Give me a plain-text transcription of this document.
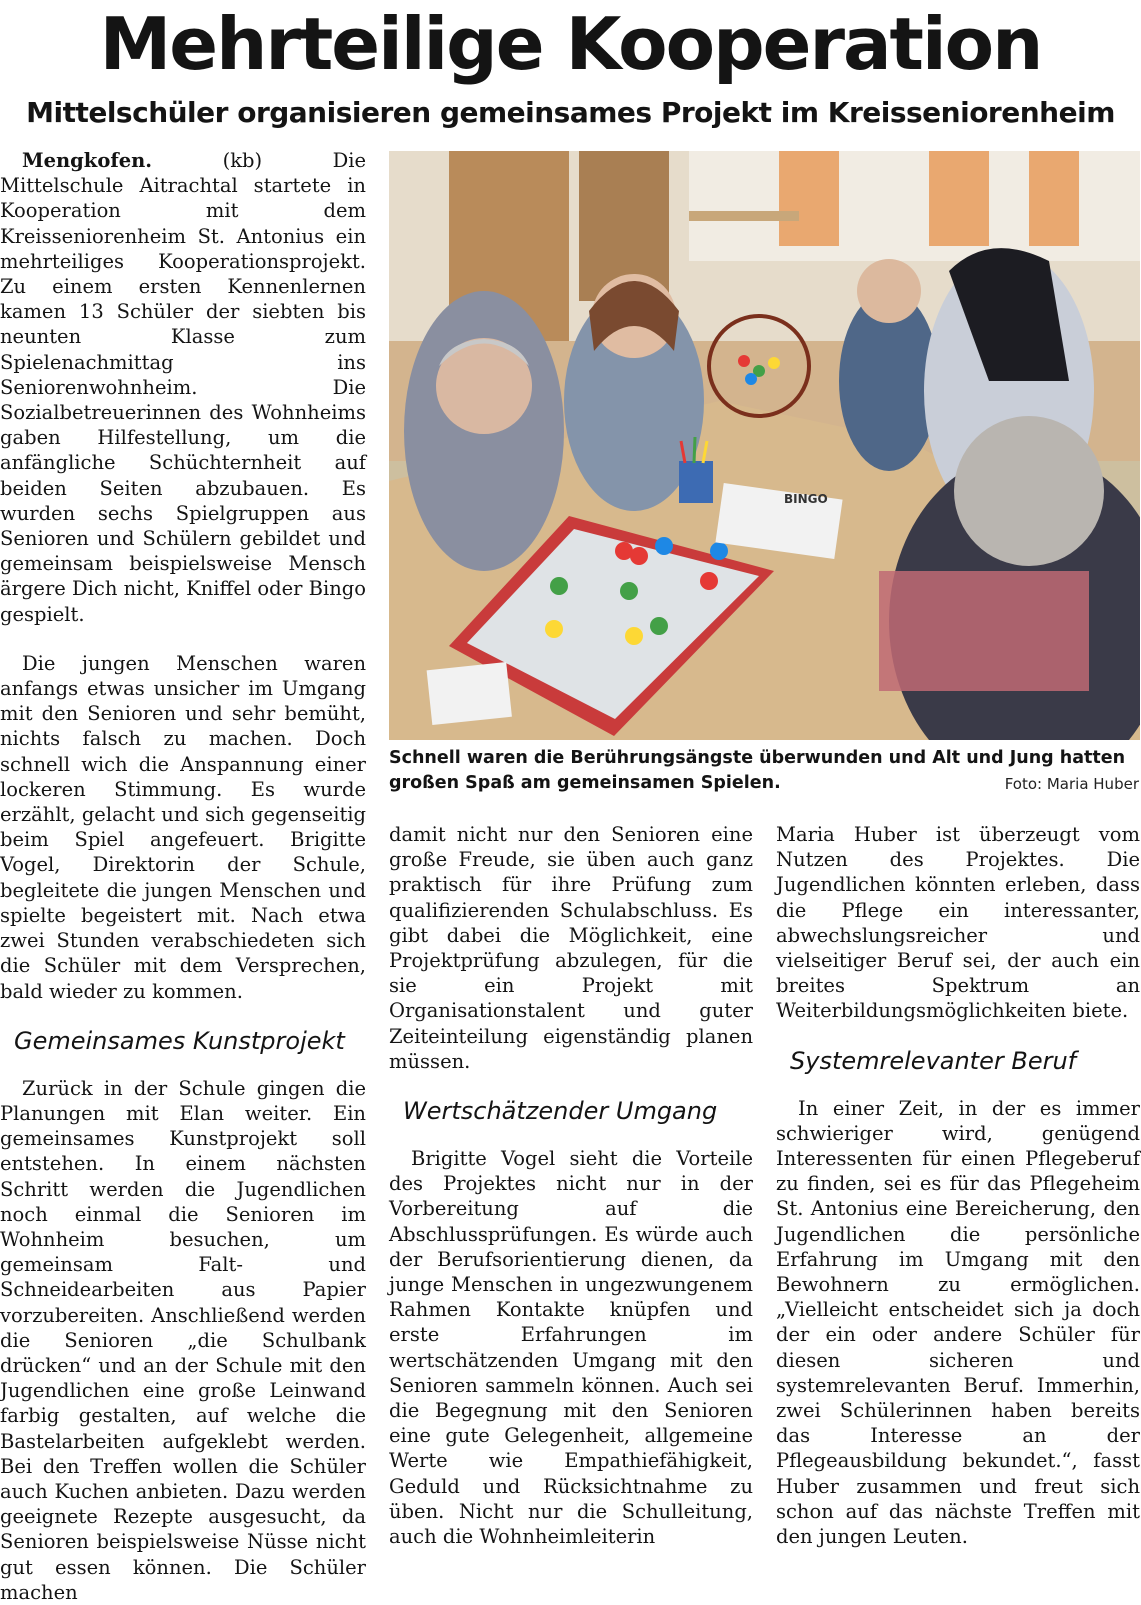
Mehrteilige Kooperation
Mittelschüler organisieren gemeinsames Projekt im Kreisseniorenheim

Mengkofen. (kb) Die Mittelschule Aitrachtal startete in Kooperation mit dem Kreisseniorenheim St. Antonius ein mehrteiliges Kooperationsprojekt. Zu einem ersten Kennenlernen kamen 13 Schüler der siebten bis neunten Klasse zum Spielenachmittag ins Seniorenwohnheim. Die Sozialbetreuerinnen des Wohnheims gaben Hilfestellung, um die anfängliche Schüchternheit auf beiden Seiten abzubauen. Es wurden sechs Spielgruppen aus Senioren und Schülern gebildet und gemeinsam beispielsweise Mensch ärgere Dich nicht, Kniffel oder Bingo gespielt.

Die jungen Menschen waren anfangs etwas unsicher im Umgang mit den Senioren und sehr bemüht, nichts falsch zu machen. Doch schnell wich die Anspannung einer lockeren Stimmung. Es wurde erzählt, gelacht und sich gegenseitig beim Spiel angefeuert. Brigitte Vogel, Direktorin der Schule, begleitete die jungen Menschen und spielte begeistert mit. Nach etwa zwei Stunden verabschiedeten sich die Schüler mit dem Versprechen, bald wieder zu kommen.

Gemeinsames Kunstprojekt

Zurück in der Schule gingen die Planungen mit Elan weiter. Ein gemeinsames Kunstprojekt soll entstehen. In einem nächsten Schritt werden die Jugendlichen noch einmal die Senioren im Wohnheim besuchen, um gemeinsam Falt- und Schneidearbeiten aus Papier vorzubereiten. Anschließend werden die Senioren „die Schulbank drücken“ und an der Schule mit den Jugendlichen eine große Leinwand farbig gestalten, auf welche die Bastelarbeiten aufgeklebt werden. Bei den Treffen wollen die Schüler auch Kuchen anbieten. Dazu werden geeignete Rezepte ausgesucht, da Senioren beispielsweise Nüsse nicht gut essen können. Die Schüler machen

BINGO
Schnell waren die Berührungsängste überwunden und Alt und Jung hatten großen Spaß am gemeinsamen Spielen.	Foto: Maria Huber

damit nicht nur den Senioren eine große Freude, sie üben auch ganz praktisch für ihre Prüfung zum qualifizierenden Schulabschluss. Es gibt dabei die Möglichkeit, eine Projektprüfung abzulegen, für die sie ein Projekt mit Organisationstalent und guter Zeiteinteilung eigenständig planen müssen.

Wertschätzender Umgang

Brigitte Vogel sieht die Vorteile des Projektes nicht nur in der Vorbereitung auf die Abschlussprüfungen. Es würde auch der Berufsorientierung dienen, da junge Menschen in ungezwungenem Rahmen Kontakte knüpfen und erste Erfahrungen im wertschätzenden Umgang mit den Senioren sammeln können. Auch sei die Begegnung mit den Senioren eine gute Gelegenheit, allgemeine Werte wie Empathiefähigkeit, Geduld und Rücksichtnahme zu üben. Nicht nur die Schulleitung, auch die Wohnheimleiterin

Maria Huber ist überzeugt vom Nutzen des Projektes. Die Jugendlichen könnten erleben, dass die Pflege ein interessanter, abwechslungsreicher und vielseitiger Beruf sei, der auch ein breites Spektrum an Weiterbildungsmöglichkeiten biete.

Systemrelevanter Beruf

In einer Zeit, in der es immer schwieriger wird, genügend Interessenten für einen Pflegeberuf zu finden, sei es für das Pflegeheim St. Antonius eine Bereicherung, den Jugendlichen die persönliche Erfahrung im Umgang mit den Bewohnern zu ermöglichen. „Vielleicht entscheidet sich ja doch der ein oder andere Schüler für diesen sicheren und systemrelevanten Beruf. Immerhin, zwei Schülerinnen haben bereits das Interesse an der Pflegeausbildung bekundet.“, fasst Huber zusammen und freut sich schon auf das nächste Treffen mit den jungen Leuten.
